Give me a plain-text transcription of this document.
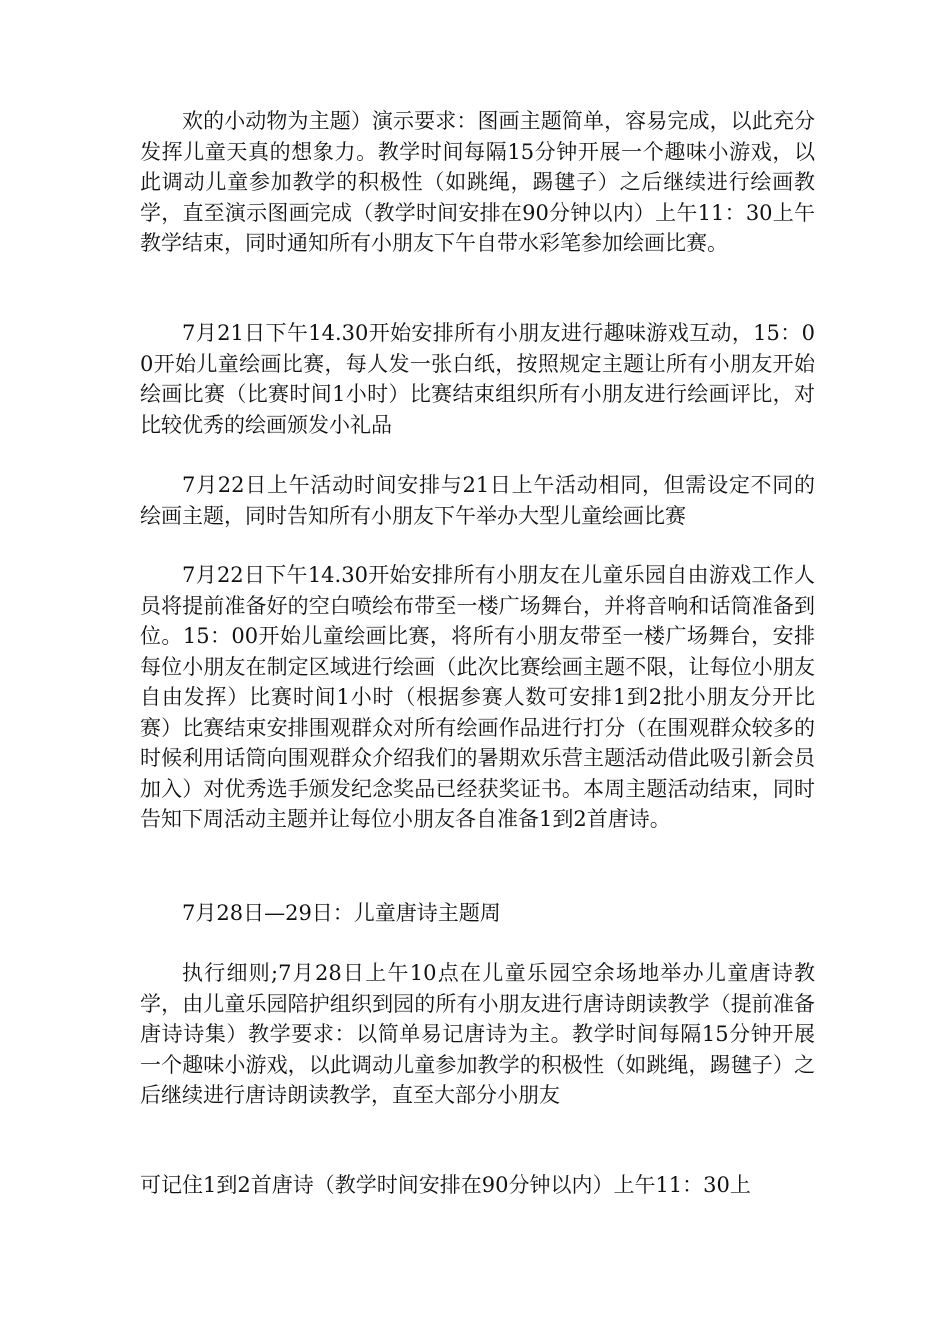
欢的小动物为主题）演示要求：图画主题简单，容易完成，以此充分发挥儿童天真的想象力。教学时间每隔15分钟开展一个趣味小游戏，以此调动儿童参加教学的积极性（如跳绳，踢毽子）之后继续进行绘画教学，直至演示图画完成（教学时间安排在90分钟以内）上午11：30上午教学结束，同时通知所有小朋友下午自带水彩笔参加绘画比赛。

7月21日下午14.30开始安排所有小朋友进行趣味游戏互动，15：00开始儿童绘画比赛，每人发一张白纸，按照规定主题让所有小朋友开始绘画比赛（比赛时间1小时）比赛结束组织所有小朋友进行绘画评比，对比较优秀的绘画颁发小礼品

7月22日上午活动时间安排与21日上午活动相同，但需设定不同的绘画主题，同时告知所有小朋友下午举办大型儿童绘画比赛

7月22日下午14.30开始安排所有小朋友在儿童乐园自由游戏工作人员将提前准备好的空白喷绘布带至一楼广场舞台，并将音响和话筒准备到位。15：00开始儿童绘画比赛，将所有小朋友带至一楼广场舞台，安排每位小朋友在制定区域进行绘画（此次比赛绘画主题不限，让每位小朋友自由发挥）比赛时间1小时（根据参赛人数可安排1到2批小朋友分开比赛）比赛结束安排围观群众对所有绘画作品进行打分（在围观群众较多的时候利用话筒向围观群众介绍我们的暑期欢乐营主题活动借此吸引新会员加入）对优秀选手颁发纪念奖品已经获奖证书。本周主题活动结束，同时告知下周活动主题并让每位小朋友各自准备1到2首唐诗。

7月28日—29日：儿童唐诗主题周

执行细则;7月28日上午10点在儿童乐园空余场地举办儿童唐诗教学，由儿童乐园陪护组织到园的所有小朋友进行唐诗朗读教学（提前准备唐诗诗集）教学要求：以简单易记唐诗为主。教学时间每隔15分钟开展一个趣味小游戏，以此调动儿童参加教学的积极性（如跳绳，踢毽子）之后继续进行唐诗朗读教学，直至大部分小朋友

可记住1到2首唐诗（教学时间安排在90分钟以内）上午11：30上
